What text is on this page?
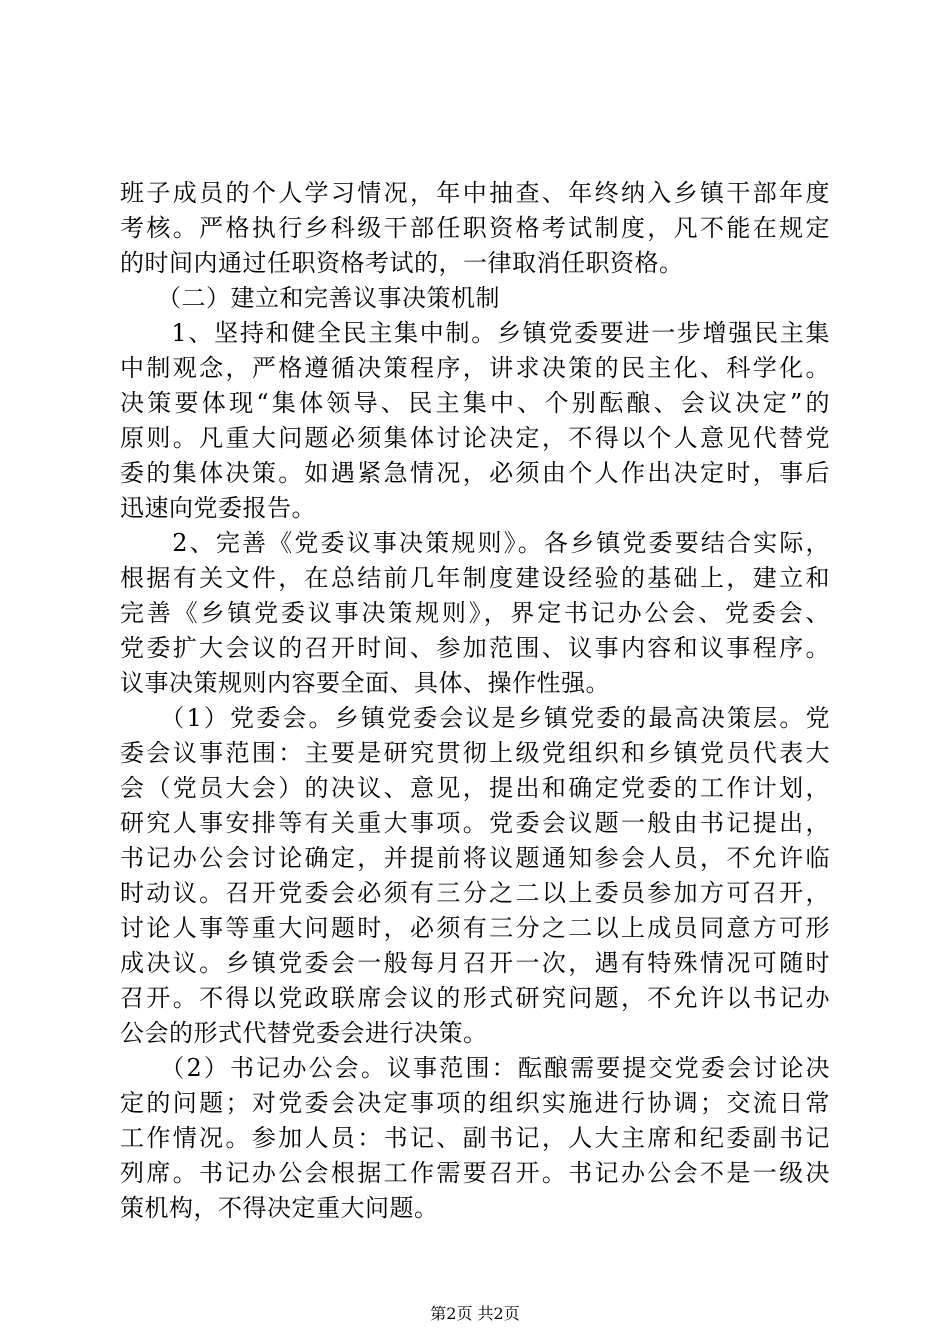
班子成员的个人学习情况，年中抽查、年终纳入乡镇干部年度
考核。严格执行乡科级干部任职资格考试制度，凡不能在规定
的时间内通过任职资格考试的，一律取消任职资格。
　　（二）建立和完善议事决策机制
　　1、坚持和健全民主集中制。乡镇党委要进一步增强民主集
中制观念，严格遵循决策程序，讲求决策的民主化、科学化。
决策要体现“集体领导、民主集中、个别酝酿、会议决定”的
原则。凡重大问题必须集体讨论决定，不得以个人意见代替党
委的集体决策。如遇紧急情况，必须由个人作出决定时，事后
迅速向党委报告。
　　2、完善《党委议事决策规则》。各乡镇党委要结合实际，
根据有关文件，在总结前几年制度建设经验的基础上，建立和
完善《乡镇党委议事决策规则》，界定书记办公会、党委会、
党委扩大会议的召开时间、参加范围、议事内容和议事程序。
议事决策规则内容要全面、具体、操作性强。
　　（1）党委会。乡镇党委会议是乡镇党委的最高决策层。党
委会议事范围：主要是研究贯彻上级党组织和乡镇党员代表大
会（党员大会）的决议、意见，提出和确定党委的工作计划，
研究人事安排等有关重大事项。党委会议题一般由书记提出，
书记办公会讨论确定，并提前将议题通知参会人员，不允许临
时动议。召开党委会必须有三分之二以上委员参加方可召开，
讨论人事等重大问题时，必须有三分之二以上成员同意方可形
成决议。乡镇党委会一般每月召开一次，遇有特殊情况可随时
召开。不得以党政联席会议的形式研究问题，不允许以书记办
公会的形式代替党委会进行决策。
　　（2）书记办公会。议事范围：酝酿需要提交党委会讨论决
定的问题；对党委会决定事项的组织实施进行协调；交流日常
工作情况。参加人员：书记、副书记，人大主席和纪委副书记
列席。书记办公会根据工作需要召开。书记办公会不是一级决
策机构，不得决定重大问题。
第2页 共2页
